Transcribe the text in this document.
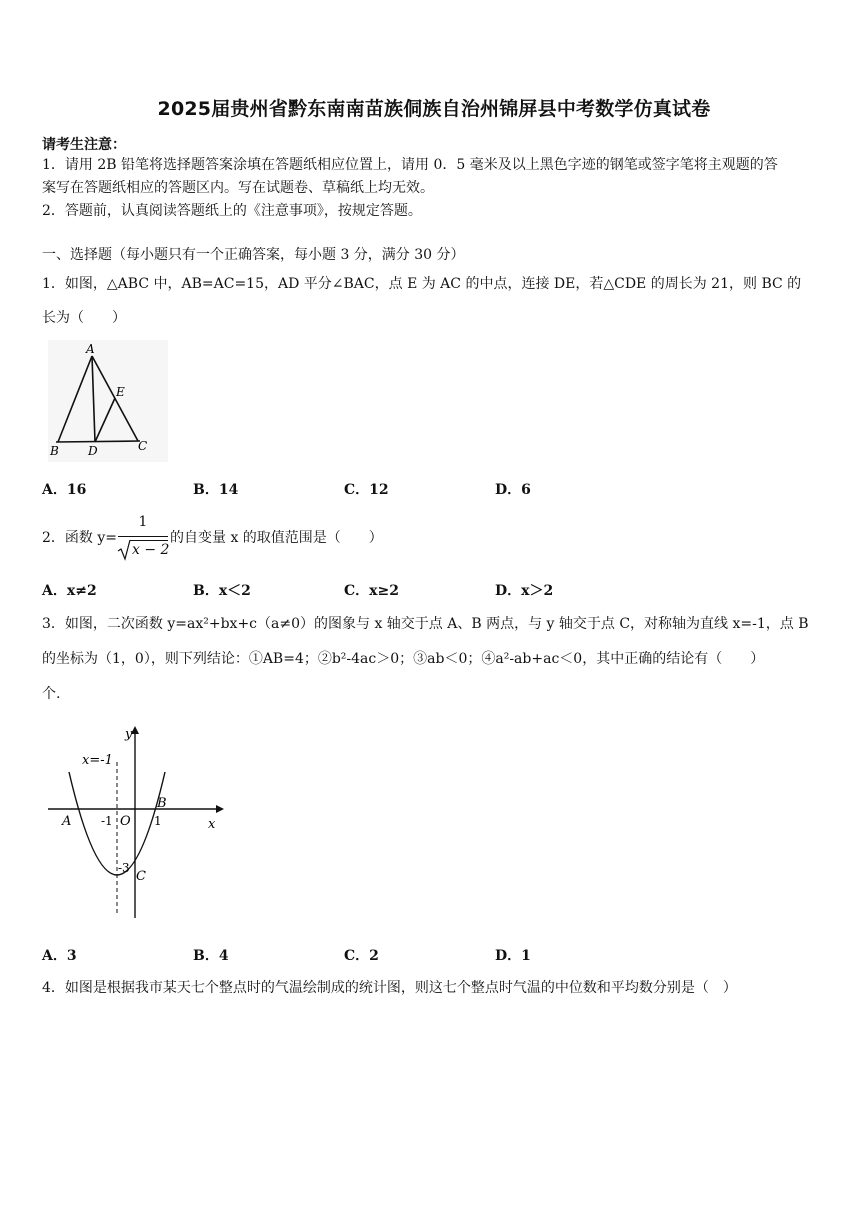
2025届贵州省黔东南南苗族侗族自治州锦屏县中考数学仿真试卷
请考生注意：
1．请用 2B 铅笔将选择题答案涂填在答题纸相应位置上，请用 0．5 毫米及以上黑色字迹的钢笔或签字笔将主观题的答
案写在答题纸相应的答题区内。写在试题卷、草稿纸上均无效。
2．答题前，认真阅读答题纸上的《注意事项》，按规定答题。
一、选择题（每小题只有一个正确答案，每小题 3 分，满分 30 分）
1．如图，△ABC 中，AB=AC=15，AD 平分∠BAC，点 E 为 AC 的中点，连接 DE，若△CDE 的周长为 21，则 BC 的
长为（　　）
A
E
B D	C
A．16	B．14	C．12	D．6
2．函数 y=
1
x − 2
的自变量 x 的取值范围是（　　）
A．x≠2	B．x＜2	C．x≥2	D．x＞2
3．如图，二次函数 y=ax²+bx+c（a≠0）的图象与 x 轴交于点 A、B 两点，与 y 轴交于点 C，对称轴为直线 x=-1，点 B
的坐标为（1，0），则下列结论：①AB=4；②b²-4ac＞0；③ab＜0；④a²-ab+ac＜0，其中正确的结论有（　　）
个.
y
x
x=-1
A
B
C
O
-1	1
-3
A．3	B．4	C．2	D．1
4．如图是根据我市某天七个整点时的气温绘制成的统计图，则这七个整点时气温的中位数和平均数分别是（　）
